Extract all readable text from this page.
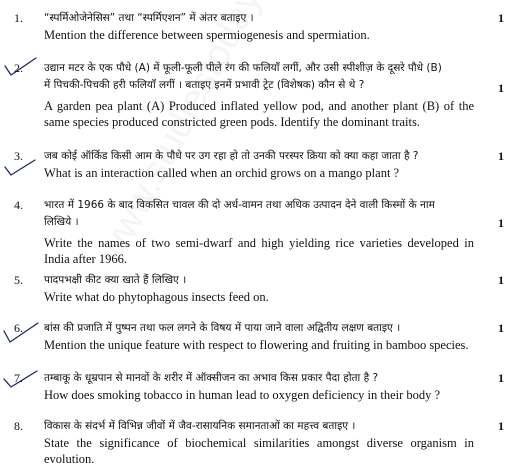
1. “स्पर्मिओजेनेसिस” तथा “स्पर्मिएशन” में अंतर बताइए ।

Mention the difference between spermiogenesis and spermiation.

1
2. उद्यान मटर के एक पौधे (A) में फूली-फूली पीले रंग की फलियाँ लगीं, और उसी स्पीशीज़ के दूसरे पौधे (B)

में पिचकी-पिचकी हरी फलियाँ लगीं । बताइए इनमें प्रभावी ट्रेट (विशेषक) कौन से थे ?

A garden pea plant (A) Produced inflated yellow pod, and another plant (B) of the same species produced constricted green pods. Identify the dominant traits.

1
3. जब कोई ऑर्किड किसी आम के पौधे पर उग रहा हो तो उनकी परस्पर क्रिया को क्या कहा जाता है ?

What is an interaction called when an orchid grows on a mango plant ?

1
4. भारत में 1966 के बाद विकसित चावल की दो अर्ध-वामन तथा अधिक उत्पादन देने वाली किस्मों के नाम

लिखिये ।

Write the names of two semi-dwarf and high yielding rice varieties developed in India after 1966.

1
5. पादपभक्षी कीट क्या खाते हैं लिखिए ।

Write what do phytophagous insects feed on.

1
6. बांस की प्रजाति में पुष्पन तथा फल लगने के विषय में पाया जाने वाला अद्वितीय लक्षण बताइए ।

Mention the unique feature with respect to flowering and fruiting in bamboo species.

1
7. तम्बाकू के धूम्रपान से मानवों के शरीर में ऑक्सीजन का अभाव किस प्रकार पैदा होता है ?

How does smoking tobacco in human lead to oxygen deficiency in their body ?

1
8. विकास के संदर्भ में विभिन्न जीवों में जैव-रासायनिक समानताओं का महत्त्व बताइए ।

State the significance of biochemical similarities amongst diverse organism in evolution.

1
